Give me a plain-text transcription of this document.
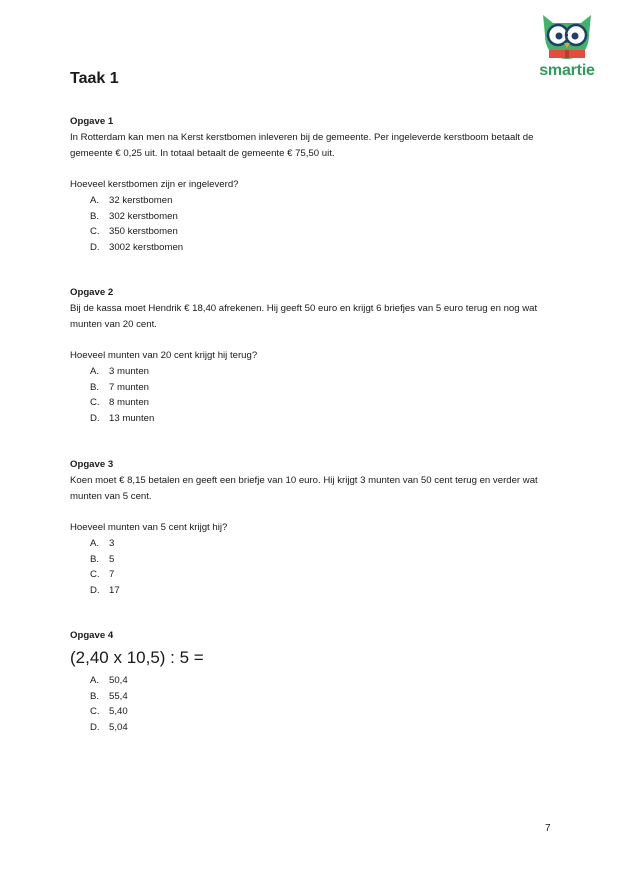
Taak 1	smartie
Opgave 1

In Rotterdam kan men na Kerst kerstbomen inleveren bij de gemeente. Per ingeleverde kerstboom betaalt de gemeente € 0,25 uit. In totaal betaalt de gemeente € 75,50 uit.

Hoeveel kerstbomen zijn er ingeleverd?
A. 32 kerstbomen
B. 302 kerstbomen
C. 350 kerstbomen
D. 3002 kerstbomen
Opgave 2

Bij de kassa moet Hendrik € 18,40 afrekenen. Hij geeft 50 euro en krijgt 6 briefjes van 5 euro terug en nog wat munten van 20 cent.

Hoeveel munten van 20 cent krijgt hij terug?
A. 3 munten
B. 7 munten
C. 8 munten
D. 13 munten
Opgave 3

Koen moet € 8,15 betalen en geeft een briefje van 10 euro. Hij krijgt 3 munten van 50 cent terug en verder wat munten van 5 cent.

Hoeveel munten van 5 cent krijgt hij?
A. 3
B. 5
C. 7
D. 17
Opgave 4
(2,40 x 10,5) : 5 =
A. 50,4
B. 55,4
C. 5,40
D. 5,04
7
